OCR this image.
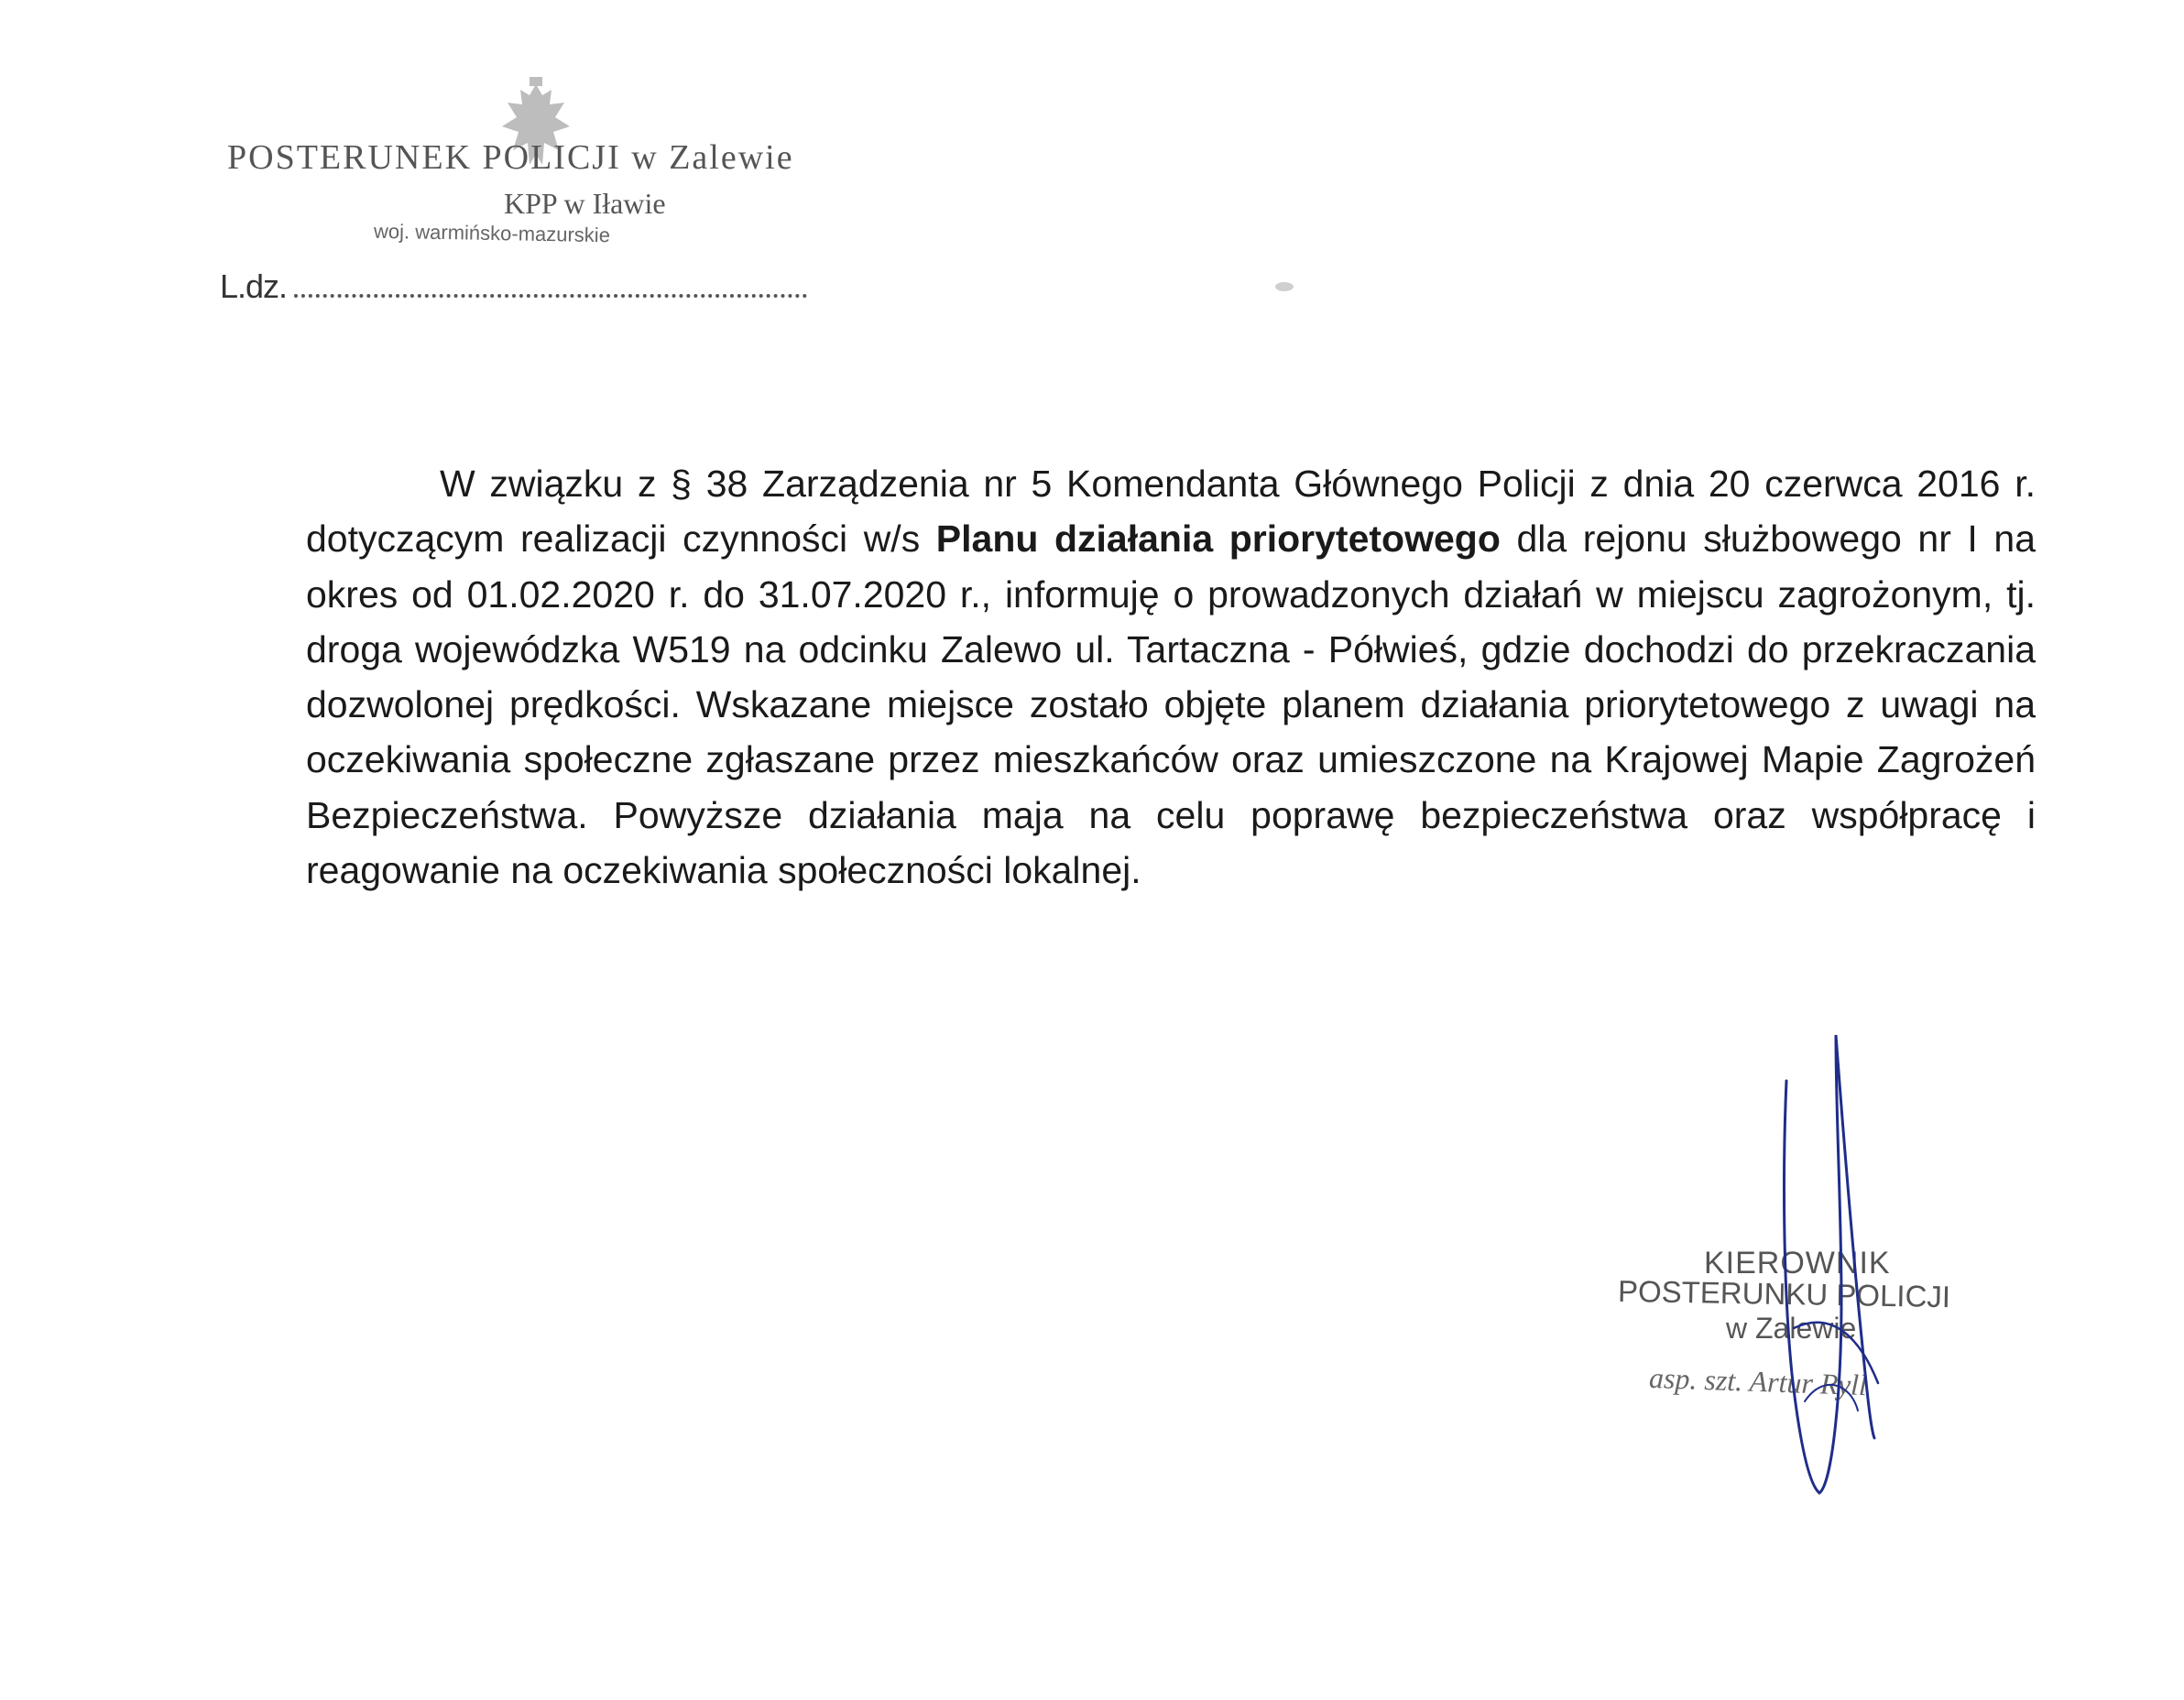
POSTERUNEK POLICJI w Zalewie
KPP w Iławie
woj. warmińsko-mazurskie
L.dz.

W związku z § 38 Zarządzenia nr 5 Komendanta Głównego Policji z dnia 20 czerwca 2016 r. dotyczącym realizacji czynności w/s Planu działania priorytetowego dla rejonu służbowego nr I na okres od 01.02.2020 r. do 31.07.2020 r., informuję o prowadzonych działań w miejscu zagrożonym, tj. droga wojewódzka W519 na odcinku Zalewo ul. Tartaczna - Półwieś, gdzie dochodzi do przekraczania dozwolonej prędkości. Wskazane miejsce zostało objęte planem działania priorytetowego z uwagi na oczekiwania społeczne zgłaszane przez mieszkańców oraz umieszczone na Krajowej Mapie Zagrożeń Bezpieczeństwa. Powyższe działania maja na celu poprawę bezpieczeństwa oraz współpracę i reagowanie na oczekiwania społeczności lokalnej.

KIEROWNIK
POSTERUNKU POLICJI
w Zalewie
asp. szt. Artur Ryll
